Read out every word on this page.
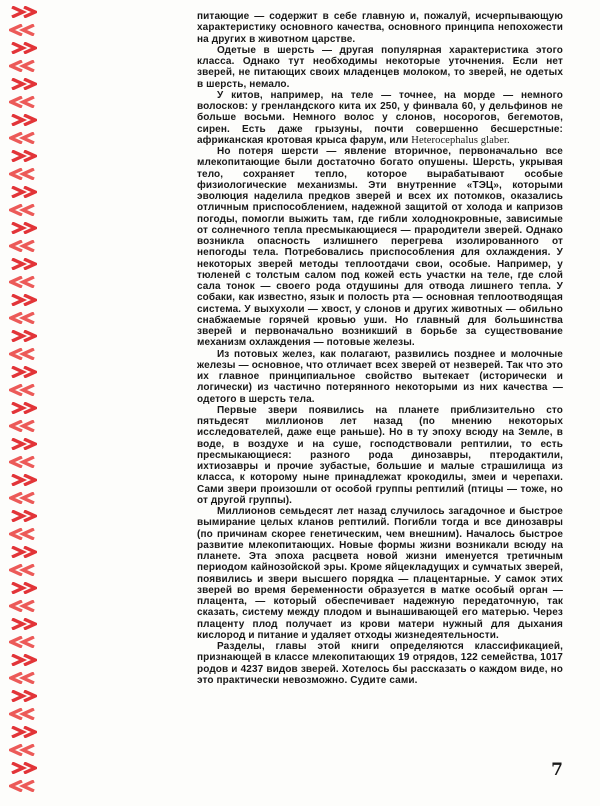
питающие — содержит в себе главную и, пожалуй, исчерпывающую характеристику основного качества, основного принципа непохожести на других в животном царстве.

Одетые в шерсть — другая популярная характеристика этого класса. Однако тут необходимы некоторые уточнения. Если нет зверей, не питающих своих младенцев молоком, то зверей, не одетых в шерсть, немало.

У китов, например, на теле — точнее, на морде — немного волосков: у гренландского кита их 250, у финвала 60, у дельфинов не больше восьми. Немного волос у слонов, носорогов, бегемотов, сирен. Есть даже грызуны, почти совершенно бесшерстные: африканская кротовая крыса фарум, или Heterocephalus glaber.

Но потеря шерсти — явление вторичное, первоначально все млекопитающие были достаточно богато опушены. Шерсть, укрывая тело, сохраняет тепло, которое вырабатывают особые физиологические механизмы. Эти внутренние «ТЭЦ», которыми эволюция наделила предков зверей и всех их потомков, оказались отличным приспособлением, надежной защитой от холода и капризов погоды, помогли выжить там, где гибли холоднокровные, зависимые от солнечного тепла пресмыкающиеся — прародители зверей. Однако возникла опасность излишнего перегрева изолированного от непогоды тела. Потребовались приспособления для охлаждения. У некоторых зверей методы теплоотдачи свои, особые. Например, у тюленей с толстым салом под кожей есть участки на теле, где слой сала тонок — своего рода отдушины для отвода лишнего тепла. У собаки, как известно, язык и полость рта — основная теплоотводящая система. У выхухоли — хвост, у слонов и других животных — обильно снабжаемые горячей кровью уши. Но главный для большинства зверей и первоначально возникший в борьбе за существование механизм охлаждения — потовые железы.

Из потовых желез, как полагают, развились позднее и молочные железы — основное, что отличает всех зверей от незверей. Так что это их главное принципиальное свойство вытекает (исторически и логически) из частично потерянного некоторыми из них качества — одетого в шерсть тела.

Первые звери появились на планете приблизительно сто пятьдесят миллионов лет назад (по мнению некоторых исследователей, даже еще раньше). Но в ту эпоху всюду на Земле, в воде, в воздухе и на суше, господствовали рептилии, то есть пресмыкающиеся: разного рода динозавры, птеродактили, ихтиозавры и прочие зубастые, большие и малые страшилища из класса, к которому ныне принадлежат крокодилы, змеи и черепахи. Сами звери произошли от особой группы рептилий (птицы — тоже, но от другой группы).

Миллионов семьдесят лет назад случилось загадочное и быстрое вымирание целых кланов рептилий. Погибли тогда и все динозавры (по причинам скорее генетическим, чем внешним). Началось быстрое развитие млекопитающих. Новые формы жизни возникали всюду на планете. Эта эпоха расцвета новой жизни именуется третичным периодом кайнозойской эры. Кроме яйцекладущих и сумчатых зверей, появились и звери высшего порядка — плацентарные. У самок этих зверей во время беременности образуется в матке особый орган — плацента, — который обеспечивает надежную передаточную, так сказать, систему между плодом и вынашивающей его матерью. Через плаценту плод получает из крови матери нужный для дыхания кислород и питание и удаляет отходы жизнедеятельности.

Разделы, главы этой книги определяются классификацией, признающей в классе млекопитающих 19 отрядов, 122 семейства, 1017 родов и 4237 видов зверей. Хотелось бы рассказать о каждом виде, но это практически невозможно. Судите сами.

7
